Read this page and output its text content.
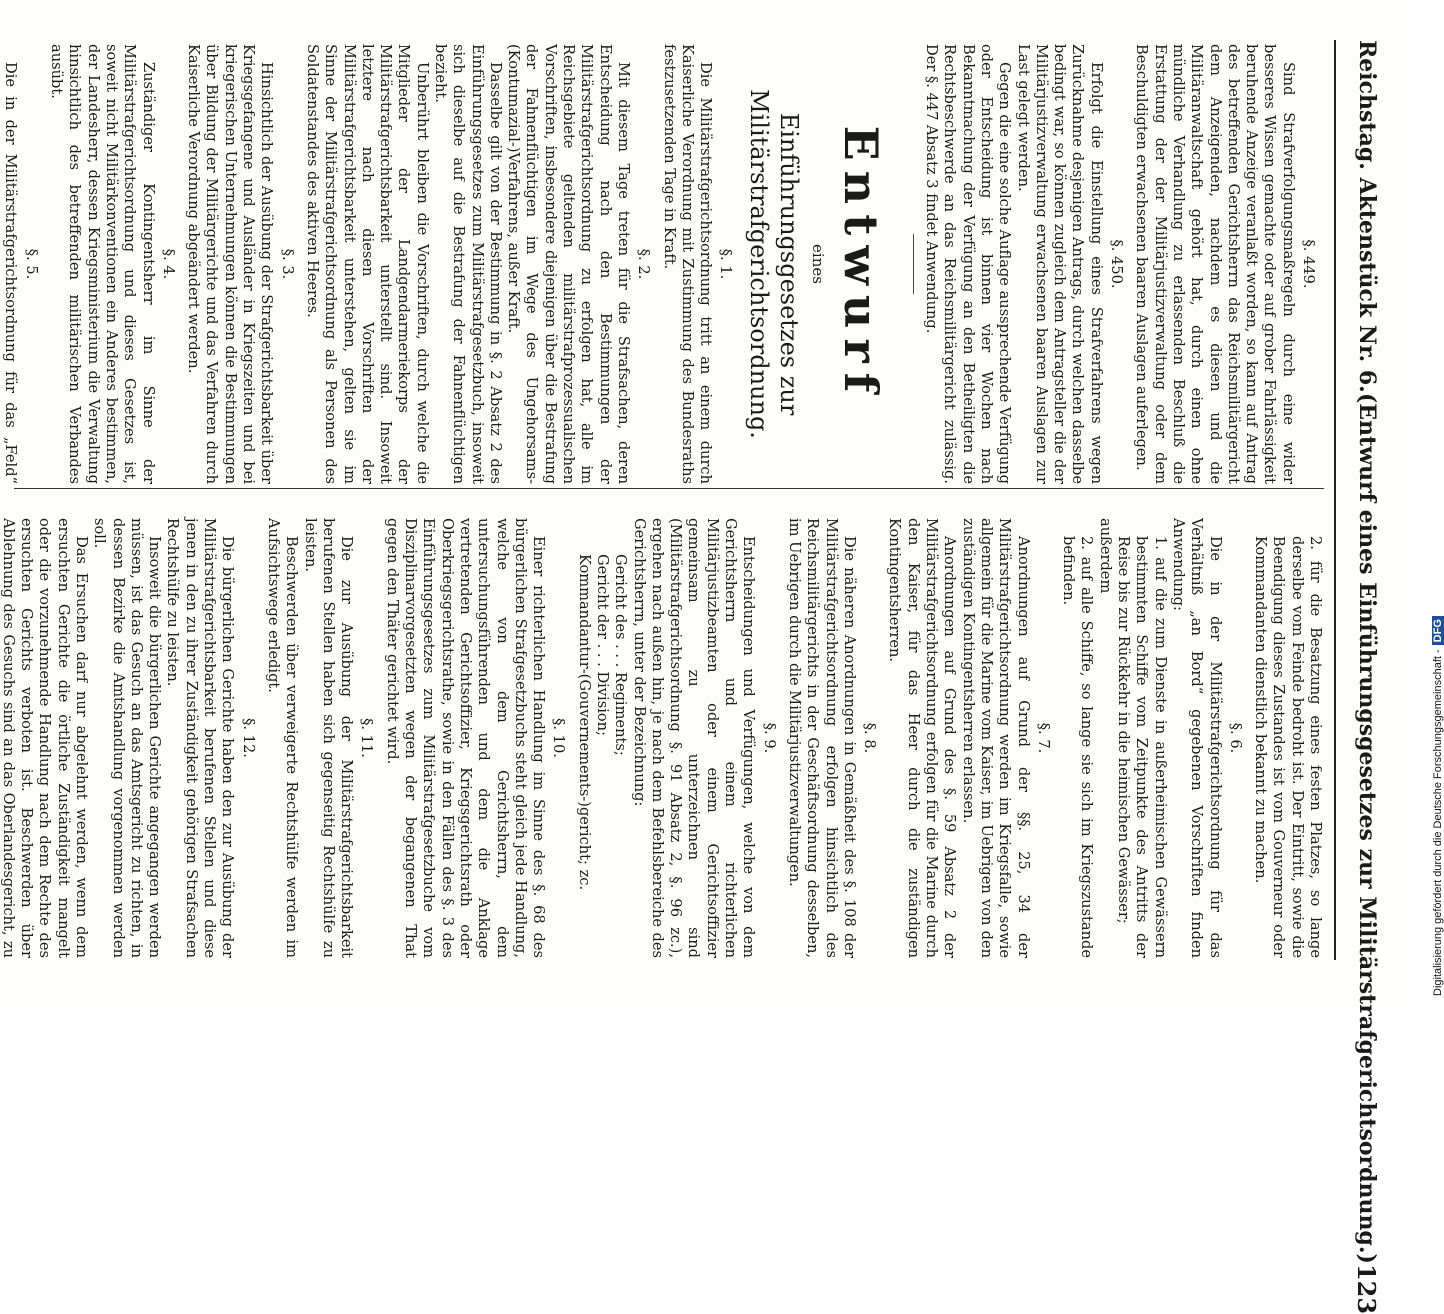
Reichstag. Aktenstück Nr. 6.
(Entwurf eines Einführungsgesetzes zur Militärstrafgerichtsordnung.)
123
§. 449.

Sind Strafverfolgungsmaßregeln durch eine wider besseres Wissen gemachte oder auf grober Fahrlässigkeit beruhende Anzeige veranlaßt worden, so kann auf Antrag des betreffenden Gerichtsherrn das Reichsmilitärgericht dem Anzeigenden, nachdem es diesen und die Militäranwaltschaft gehört hat, durch einen ohne mündliche Verhandlung zu erlassenden Beschluß die Erstattung der der Militärjustizverwaltung oder dem Beschuldigten erwachsenen baaren Auslagen auferlegen.

§. 450.

Erfolgt die Einstellung eines Strafverfahrens wegen Zurücknahme desjenigen Antrags, durch welchen dasselbe bedingt war, so können zugleich dem Antragsteller die der Militärjustizverwaltung erwachsenen baaren Auslagen zur Last gelegt werden.

Gegen die eine solche Auflage aussprechende Verfügung oder Entscheidung ist binnen vier Wochen nach Bekanntmachung der Verfügung an den Betheiligten die Rechtsbeschwerde an das Reichsmilitärgericht zulässig. Der §. 447 Absatz 3 findet Anwendung.

Entwurf
eines
Einführungsgesetzes zur Militärstrafgerichtsordnung.
§. 1.

Die Militärstrafgerichtsordnung tritt an einem durch Kaiserliche Verordnung mit Zustimmung des Bundesraths festzusetzenden Tage in Kraft.

§. 2.

Mit diesem Tage treten für die Strafsachen, deren Entscheidung nach den Bestimmungen der Militärstrafgerichtsordnung zu erfolgen hat, alle im Reichsgebiete geltenden militärstrafprozessualischen Vorschriften, insbesondere diejenigen über die Bestrafung der Fahnenflüchtigen im Wege des Ungehorsams-(Kontumazial-)Verfahrens, außer Kraft.

Dasselbe gilt von der Bestimmung in §. 2 Absatz 2 des Einführungsgesetzes zum Militärstrafgesetzbuch, insoweit sich dieselbe auf die Bestrafung der Fahnenflüchtigen bezieht.

Unberührt bleiben die Vorschriften, durch welche die Mitglieder der Landgendarmeriekorps der Militärstrafgerichtsbarkeit unterstellt sind. Insoweit letztere nach diesen Vorschriften der Militärstrafgerichtsbarkeit unterstehen, gelten sie im Sinne der Militärstrafgerichtsordnung als Personen des Soldatenstandes des aktiven Heeres.

§. 3.

Hinsichtlich der Ausübung der Strafgerichtsbarkeit über Kriegsgefangene und Ausländer in Kriegszeiten und bei kriegerischen Unternehmungen können die Bestimmungen über Bildung der Militärgerichte und das Verfahren durch Kaiserliche Verordnung abgeändert werden.

§. 4.

Zuständiger Kontingentsherr im Sinne der Militärstrafgerichtsordnung und dieses Gesetzes ist, soweit nicht Militärkonventionen ein Anderes bestimmen, der Landesherr, dessen Kriegsministerium die Verwaltung hinsichtlich des betreffenden militärischen Verbandes ausübt.

§. 5.

Die in der Militärstrafgerichtsordnung für das „Feld“

2. für die Besatzung eines festen Platzes, so lange derselbe vom Feinde bedroht ist. Der Eintritt, sowie die Beendigung dieses Zustandes ist vom Gouverneur oder Kommandanten dienstlich bekannt zu machen.

§. 6.

Die in der Militärstrafgerichtsordnung für das Verhältniß „an Bord“ gegebenen Vorschriften finden Anwendung:

1. auf die zum Dienste in außerheimischen Gewässern bestimmten Schiffe vom Zeitpunkte des Antritts der Reise bis zur Rückkehr in die heimischen Gewässer;

außerdem

2. auf alle Schiffe, so lange sie sich im Kriegszustande befinden.

§. 7.

Anordnungen auf Grund der §§. 25, 34 der Militärstrafgerichtsordnung werden im Kriegsfalle, sowie allgemein für die Marine vom Kaiser, im Uebrigen von den zuständigen Kontingentsherren erlassen.

Anordnungen auf Grund des §. 59 Absatz 2 der Militärstrafgerichtsordnung erfolgen für die Marine durch den Kaiser, für das Heer durch die zuständigen Kontingentsherren.

§. 8.

Die näheren Anordnungen in Gemäßheit des §. 108 der Militärstrafgerichtsordnung erfolgen hinsichtlich des Reichsmilitärgerichts in der Geschäftsordnung desselben, im Uebrigen durch die Militärjustizverwaltungen.

§. 9.

Entscheidungen und Verfügungen, welche von dem Gerichtsherrn und einem richterlichen Militärjustizbeamten oder einem Gerichtsoffizier gemeinsam zu unterzeichnen sind (Militärstrafgerichtsordnung §. 91 Absatz 2, §. 96 zc.), ergehen nach außen hin, je nach dem Befehlsbereiche des Gerichtsherrn, unter der Bezeichnung:

Gericht des . . . Regiments;

Gericht der . . . Division;

Kommandantur-(Gouvernements-)gericht; zc.

§. 10.

Einer richterlichen Handlung im Sinne des §. 68 des bürgerlichen Strafgesetzbuchs steht gleich jede Handlung, welche von dem Gerichtsherrn, dem untersuchungsführenden und dem die Anklage vertretenden Gerichtsoffizier, Kriegsgerichtsrath oder Oberkriegsgerichtsrathe, sowie in den Fällen des §. 3 des Einführungsgesetzes zum Militärstrafgesetzbuche vom Disziplinarvorgesetzten wegen der begangenen That gegen den Thäter gerichtet wird.

§. 11.

Die zur Ausübung der Militärstrafgerichtsbarkeit berufenen Stellen haben sich gegenseitig Rechtshülfe zu leisten.

Beschwerden über verweigerte Rechtshülfe werden im Aufsichtswege erledigt.

§. 12.

Die bürgerlichen Gerichte haben den zur Ausübung der Militärstrafgerichtsbarkeit berufenen Stellen und diese jenen in den zu ihrer Zuständigkeit gehörigen Strafsachen Rechtshülfe zu leisten.

Insoweit die bürgerlichen Gerichte angegangen werden müssen, ist das Gesuch an das Amtsgericht zu richten, in dessen Bezirke die Amtshandlung vorgenommen werden soll.

Das Ersuchen darf nur abgelehnt werden, wenn dem ersuchten Gerichte die örtliche Zuständigkeit mangelt oder die vorzunehmende Handlung nach dem Rechte des ersuchten Gerichts verboten ist. Beschwerden über Ablehnung des Gesuchs sind an das Oberlandesgericht, zu	Digitalisierung gefördert durch die Deutsche Forschungsgemeinschaft -DFG
